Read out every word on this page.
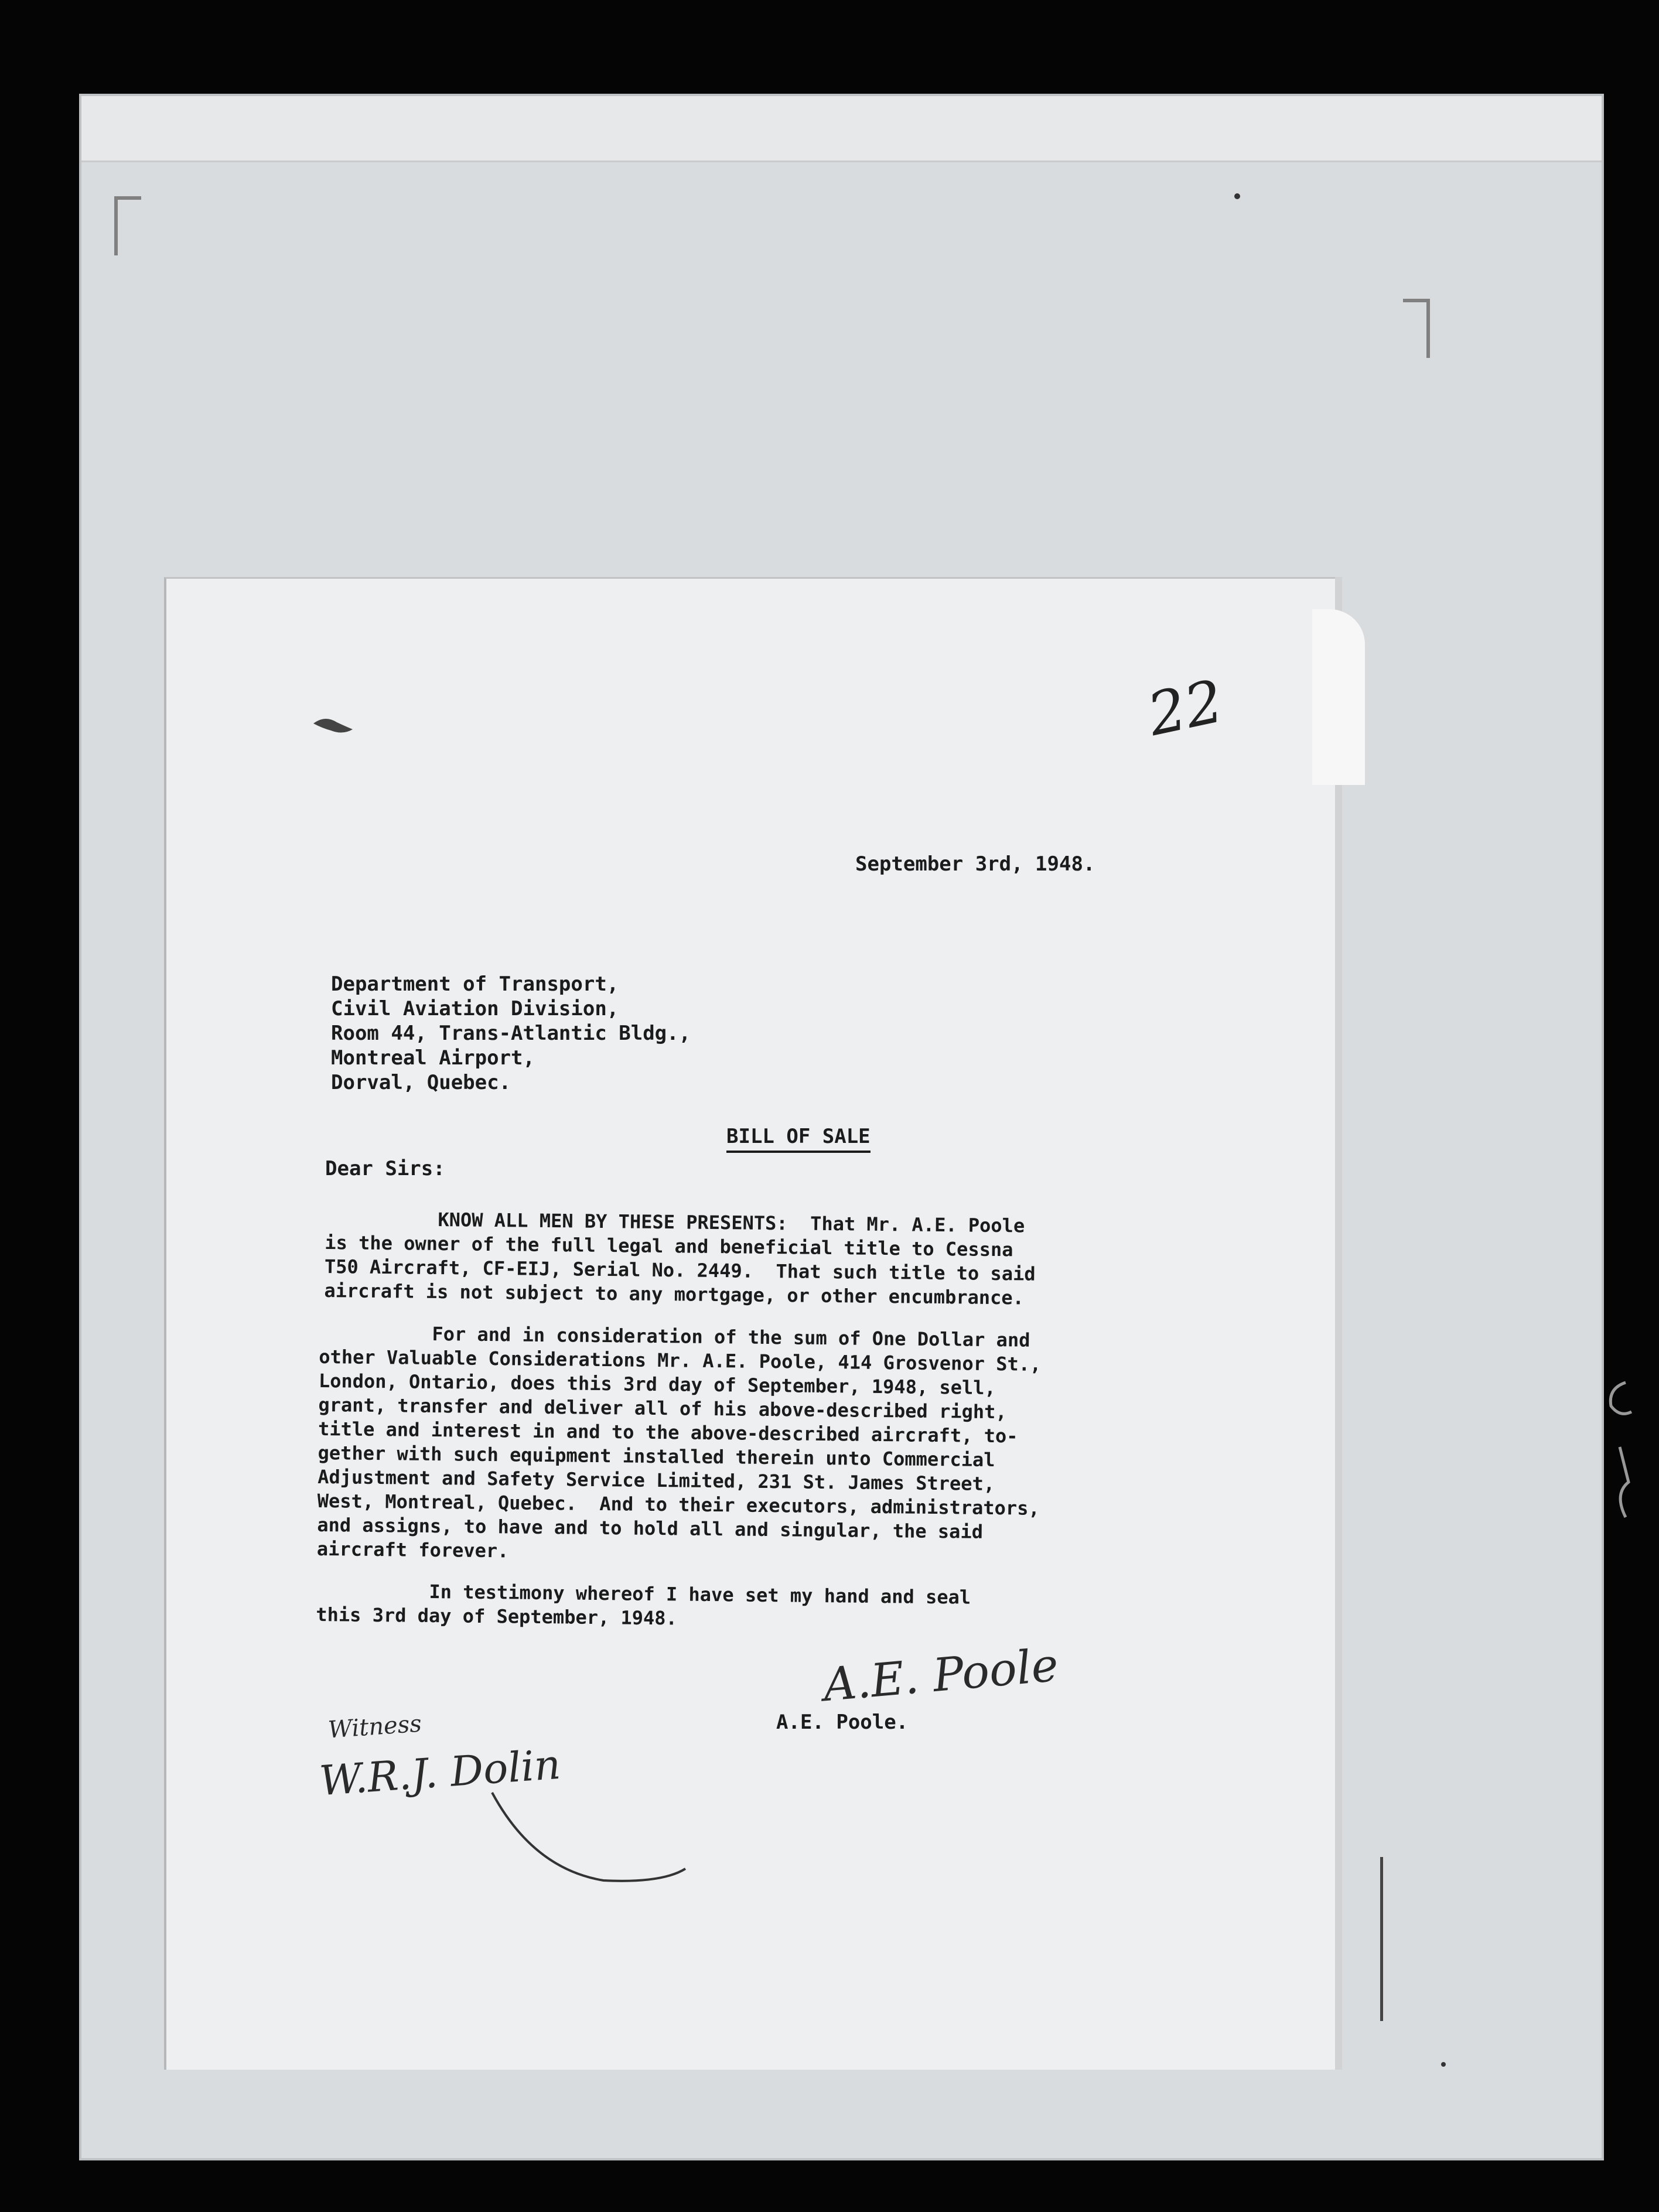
22

September 3rd, 1948.

Department of Transport,

Civil Aviation Division,

Room 44, Trans-Atlantic Bldg.,

Montreal Airport,

Dorval, Quebec.

BILL OF SALE

Dear Sirs:

KNOW ALL MEN BY THESE PRESENTS:  That Mr. A.E. Poole
is the owner of the full legal and beneficial title to Cessna
T50 Aircraft, CF-EIJ, Serial No. 2449.  That such title to said
aircraft is not subject to any mortgage, or other encumbrance.

For and in consideration of the sum of One Dollar and
other Valuable Considerations Mr. A.E. Poole, 414 Grosvenor St.,
London, Ontario, does this 3rd day of September, 1948, sell,
grant, transfer and deliver all of his above-described right,
title and interest in and to the above-described aircraft, to-
gether with such equipment installed therein unto Commercial
Adjustment and Safety Service Limited, 231 St. James Street,
West, Montreal, Quebec.  And to their executors, administrators,
and assigns, to have and to hold all and singular, the said
aircraft forever.

In testimony whereof I have set my hand and seal
this 3rd day of September, 1948.

A.E. Poole

A.E. Poole.

Witness

W.R.J. Dolin
